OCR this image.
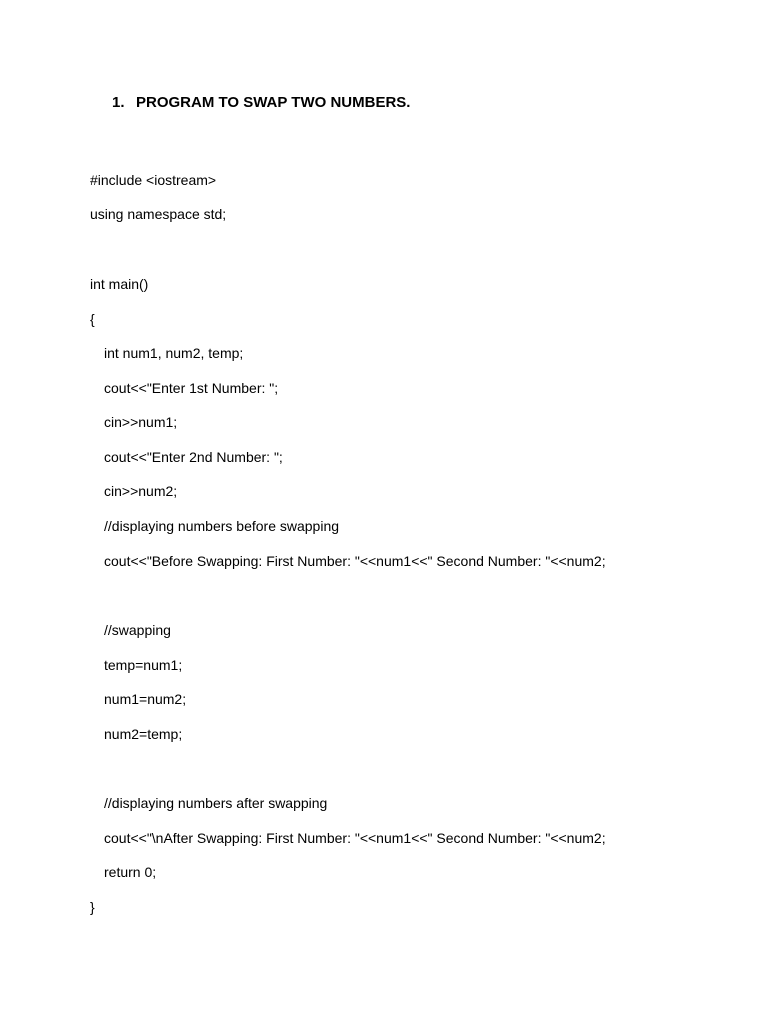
1. PROGRAM TO SWAP TWO NUMBERS.
#include <iostream>
using namespace std;
int main()
{
int num1, num2, temp;
cout<<"Enter 1st Number: ";
cin>>num1;
cout<<"Enter 2nd Number: ";
cin>>num2;
//displaying numbers before swapping
cout<<"Before Swapping: First Number: "<<num1<<" Second Number: "<<num2;
//swapping
temp=num1;
num1=num2;
num2=temp;
//displaying numbers after swapping
cout<<"\nAfter Swapping: First Number: "<<num1<<" Second Number: "<<num2;
return 0;
}
